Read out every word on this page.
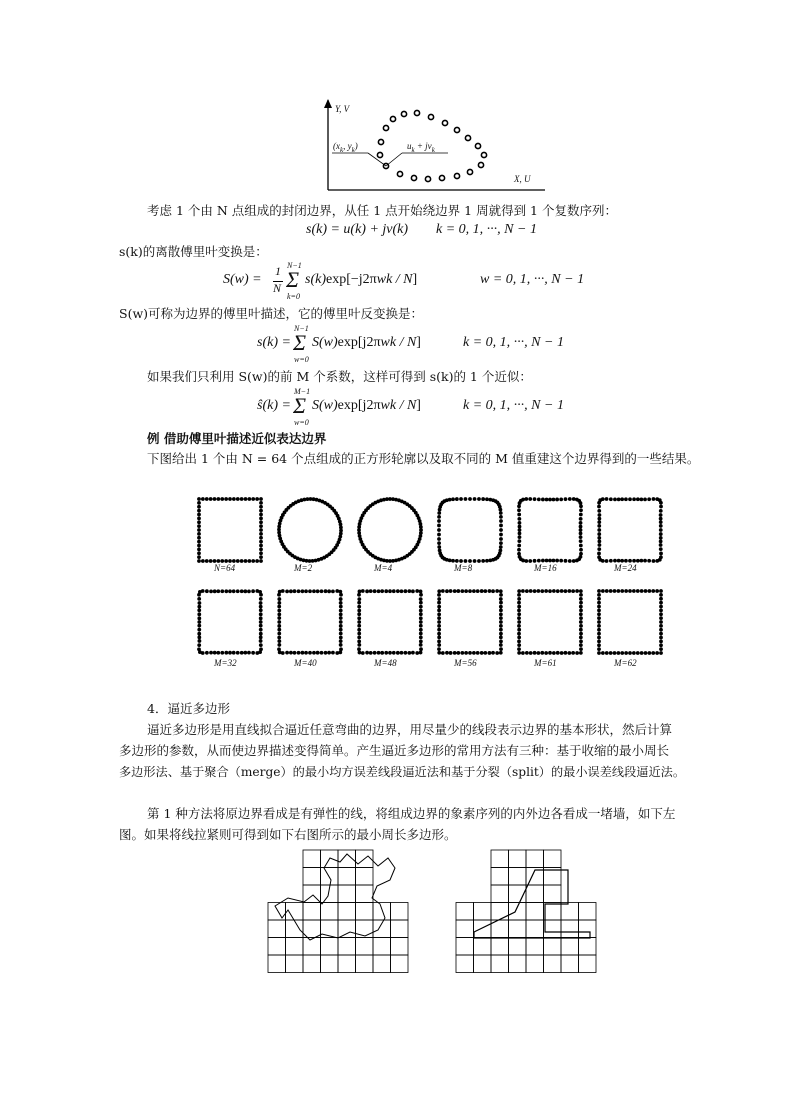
Y, V
X, U
($x_k$, $y_k$)	$u_k + jv_k$
考虑 1 个由 N 点组成的封闭边界，从任 1 点开始绕边界 1 周就得到 1 个复数序列：
s(k) = u(k) + jv(k) k = 0, 1, ···, N − 1
s(k)的离散傅里叶变换是：
S(w) =
1
N
N−1
Σ
k=0
s(k)exp[−j2πwk / N]	w = 0, 1, ···, N − 1
S(w)可称为边界的傅里叶描述，它的傅里叶反变换是：
s(k) =
N−1
Σ
w=0
S(w)exp[j2πwk / N]	k = 0, 1, ···, N − 1
如果我们只利用 S(w)的前 M 个系数，这样可得到 s(k)的 1 个近似：
ŝ(k) =
M−1
Σ
w=0
S(w)exp[j2πwk / N]	k = 0, 1, ···, N − 1
例 借助傅里叶描述近似表达边界
下图给出 1 个由 N = 64 个点组成的正方形轮廓以及取不同的 M 值重建这个边界得到的一些结果。
4．逼近多边形
逼近多边形是用直线拟合逼近任意弯曲的边界，用尽量少的线段表示边界的基本形状，然后计算
多边形的参数，从而使边界描述变得简单。产生逼近多边形的常用方法有三种：基于收缩的最小周长
多边形法、基于聚合（merge）的最小均方误差线段逼近法和基于分裂（split）的最小误差线段逼近法。
第 1 种方法将原边界看成是有弹性的线，将组成边界的象素序列的内外边各看成一堵墙，如下左
图。如果将线拉紧则可得到如下右图所示的最小周长多边形。
N=64	M=2	M=4	M=8	M=16	M=24
M=32	M=40	M=48	M=56	M=61	M=62
